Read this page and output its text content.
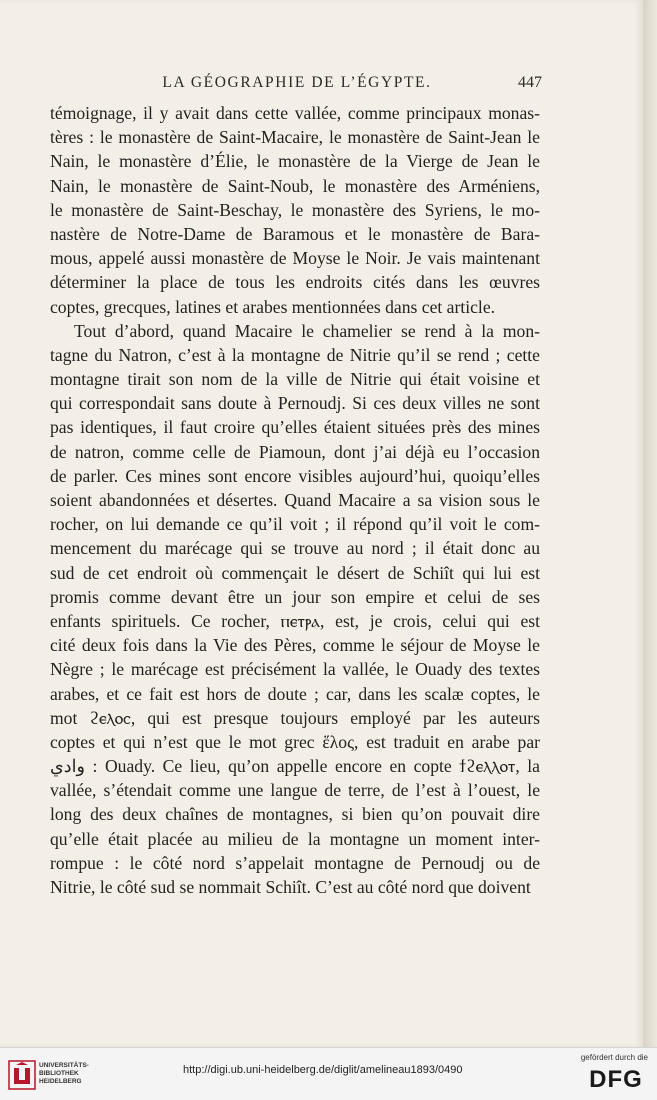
LA GÉOGRAPHIE DE L’ÉGYPTE.	447
témoignage, il y avait dans cette vallée, comme principaux monas-
tères : le monastère de Saint-Macaire, le monastère de Saint-Jean le
Nain, le monastère d’Élie, le monastère de la Vierge de Jean le
Nain, le monastère de Saint-Noub, le monastère des Arméniens,
le monastère de Saint-Beschay, le monastère des Syriens, le mo-
nastère de Notre-Dame de Baramous et le monastère de Bara-
mous, appelé aussi monastère de Moyse le Noir. Je vais maintenant
déterminer la place de tous les endroits cités dans les œuvres
coptes, grecques, latines et arabes mentionnées dans cet article.
Tout d’abord, quand Macaire le chamelier se rend à la mon-
tagne du Natron, c’est à la montagne de Nitrie qu’il se rend ; cette
montagne tirait son nom de la ville de Nitrie qui était voisine et
qui correspondait sans doute à Pernoudj. Si ces deux villes ne sont
pas identiques, il faut croire qu’elles étaient situées près des mines
de natron, comme celle de Piamoun, dont j’ai déjà eu l’occasion
de parler. Ces mines sont encore visibles aujourd’hui, quoiqu’elles
soient abandonnées et désertes. Quand Macaire a sa vision sous le
rocher, on lui demande ce qu’il voit ; il répond qu’il voit le com-
mencement du marécage qui se trouve au nord ; il était donc au
sud de cet endroit où commençait le désert de Schiît qui lui est
promis comme devant être un jour son empire et celui de ses
enfants spirituels. Ce rocher, ⲡⲉⲧⲣⲁ, est, je crois, celui qui est
cité deux fois dans la Vie des Pères, comme le séjour de Moyse le
Nègre ; le marécage est précisément la vallée, le Ouady des textes
arabes, et ce fait est hors de doute ; car, dans les scalæ coptes, le
mot ϩⲉⲗⲟⲥ, qui est presque toujours employé par les auteurs
coptes et qui n’est que le mot grec ἕλος, est traduit en arabe par
وادي : Ouady. Ce lieu, qu’on appelle encore en copte ϯϩⲉⲗⲗⲟⲧ, la
vallée, s’étendait comme une langue de terre, de l’est à l’ouest, le
long des deux chaînes de montagnes, si bien qu’on pouvait dire
qu’elle était placée au milieu de la montagne un moment inter-
rompue : le côté nord s’appelait montagne de Pernoudj ou de
Nitrie, le côté sud se nommait Schiît. C’est au côté nord que doivent
UNIVERSITÄTS-
BIBLIOTHEK
HEIDELBERG
http://digi.ub.uni-heidelberg.de/diglit/amelineau1893/0490
gefördert durch die
DFG
